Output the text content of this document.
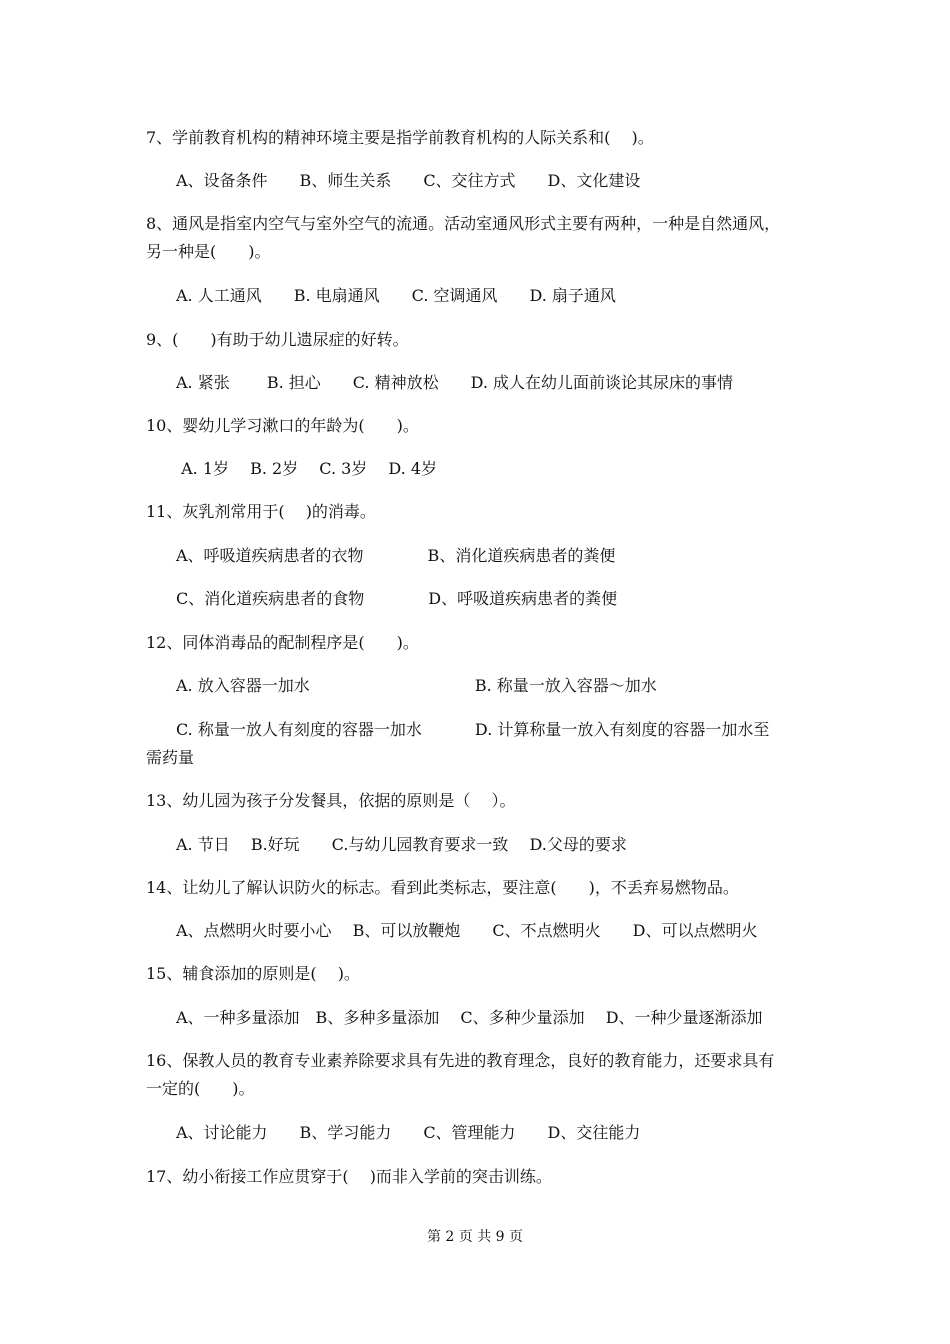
7、学前教育机构的精神环境主要是指学前教育机构的人际关系和(　 )。
A、设备条件　　B、师生关系　　C、交往方式　　D、文化建设
8、通风是指室内空气与室外空气的流通。活动室通风形式主要有两种，一种是自然通风，
另一种是(　　)。
A. 人工通风　　B. 电扇通风　　C. 空调通风　　D. 扇子通风
9、(　　)有助于幼儿遗尿症的好转。
A. 紧张　　 B. 担心　　C. 精神放松　　D. 成人在幼儿面前谈论其尿床的事情
10、婴幼儿学习漱口的年龄为(　　)。
A. 1岁　 B. 2岁　 C. 3岁　 D. 4岁
11、灰乳剂常用于(　 )的消毒。
A、呼吸道疾病患者的衣物　　　　B、消化道疾病患者的粪便
C、消化道疾病患者的食物　　　　D、呼吸道疾病患者的粪便
12、同体消毒品的配制程序是(　　)。
A. 放入容器一加水　　　　　　　　　　 B. 称量一放入容器～加水
C. 称量一放人有刻度的容器一加水　　　 D. 计算称量一放入有刻度的容器一加水至
需药量
13、幼儿园为孩子分发餐具，依据的原则是（　 ）。
A. 节日　 B.好玩　　C.与幼儿园教育要求一致　 D.父母的要求
14、让幼儿了解认识防火的标志。看到此类标志，要注意(　　)，不丢弃易燃物品。
A、点燃明火时要小心　 B、可以放鞭炮　　C、不点燃明火　　D、可以点燃明火
15、辅食添加的原则是(　 )。
A、一种多量添加　B、多种多量添加　 C、多种少量添加　 D、一种少量逐渐添加
16、保教人员的教育专业素养除要求具有先进的教育理念，良好的教育能力，还要求具有
一定的(　　)。
A、讨论能力　　B、学习能力　　C、管理能力　　D、交往能力
17、幼小衔接工作应贯穿于(　 )而非入学前的突击训练。
第 2 页 共 9 页
